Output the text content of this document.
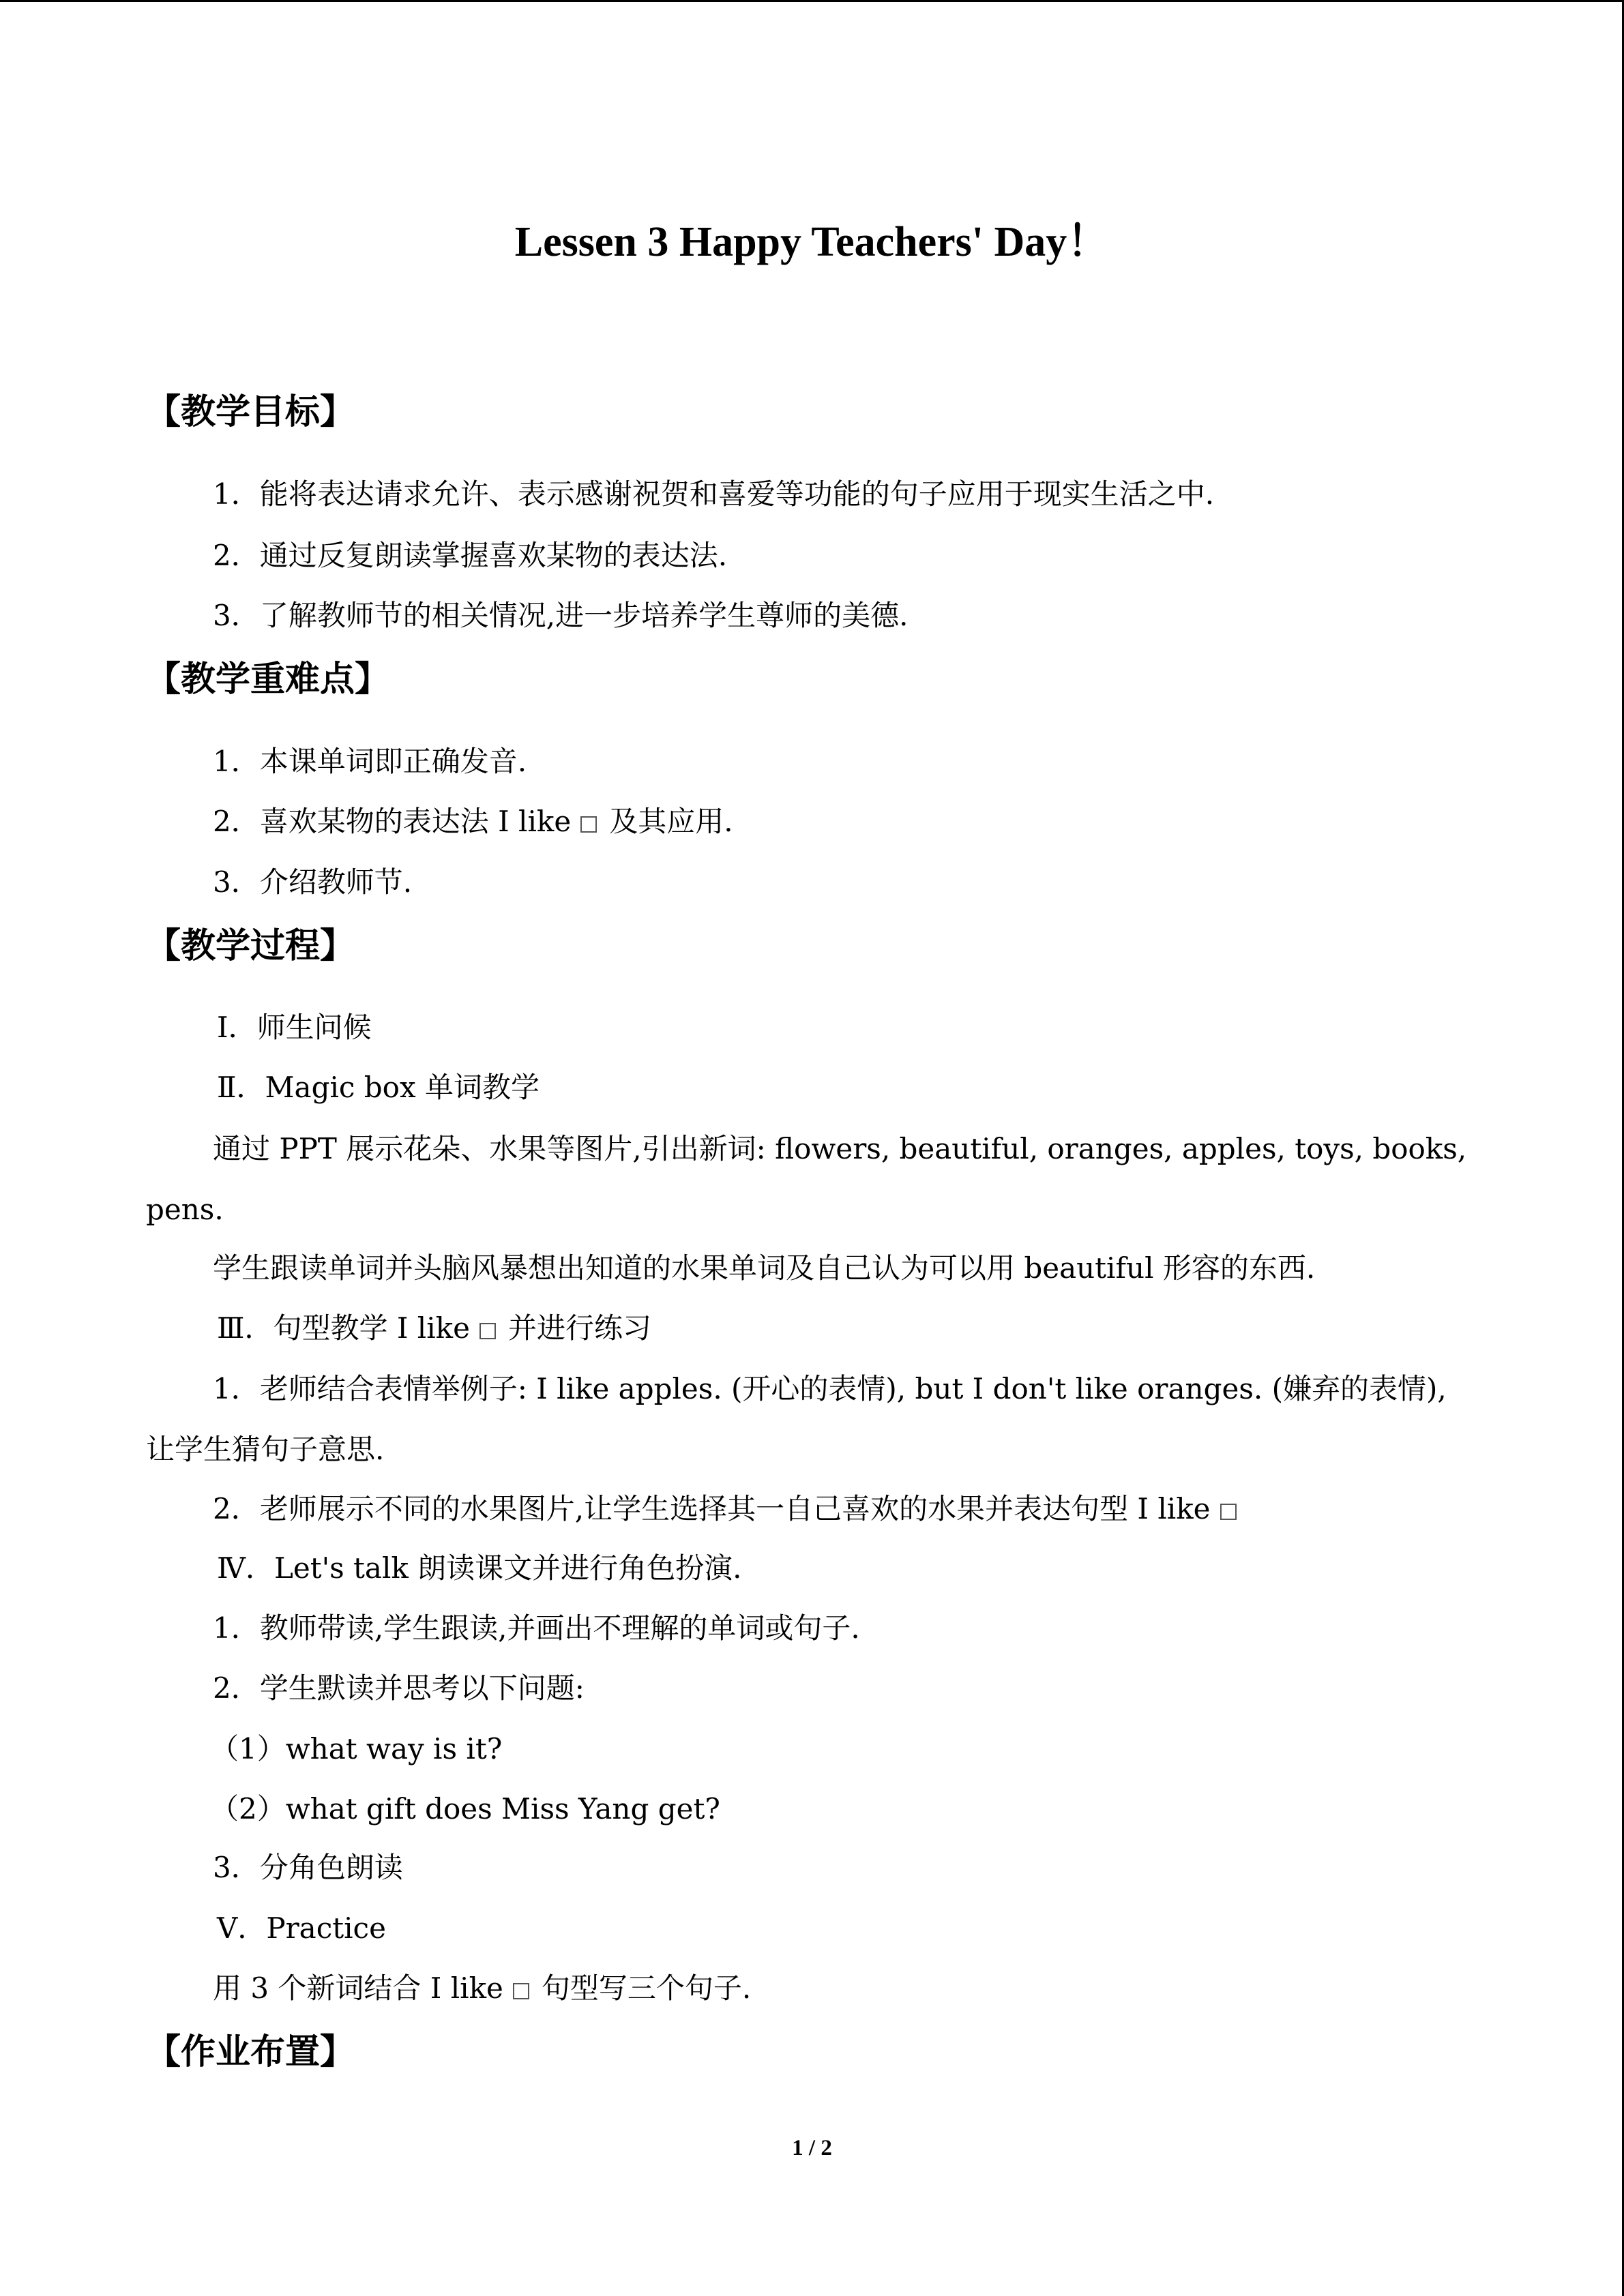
Lessen 3 Happy Teachers' Day！
【教学目标】
1．能将表达请求允许、表示感谢祝贺和喜爱等功能的句子应用于现实生活之中.
2．通过反复朗读掌握喜欢某物的表达法.
3．了解教师节的相关情况,进一步培养学生尊师的美德.
【教学重难点】
1．本课单词即正确发音.
2．喜欢某物的表达法 I like 及其应用.
3．介绍教师节.
【教学过程】
Ⅰ．师生问候
Ⅱ．Magic box 单词教学
通过 PPT 展示花朵、水果等图片,引出新词: flowers, beautiful, oranges, apples, toys, books,
pens.
学生跟读单词并头脑风暴想出知道的水果单词及自己认为可以用 beautiful 形容的东西.
Ⅲ．句型教学 I like 并进行练习
1．老师结合表情举例子: I like apples. (开心的表情), but I don't like oranges. (嫌弃的表情),
让学生猜句子意思.
2．老师展示不同的水果图片,让学生选择其一自己喜欢的水果并表达句型 I like
Ⅳ．Let's talk 朗读课文并进行角色扮演.
1．教师带读,学生跟读,并画出不理解的单词或句子.
2．学生默读并思考以下问题:
（1）what way is it?
（2）what gift does Miss Yang get?
3．分角色朗读
Ⅴ．Practice
用 3 个新词结合 I like 句型写三个句子.
【作业布置】
1 / 2
